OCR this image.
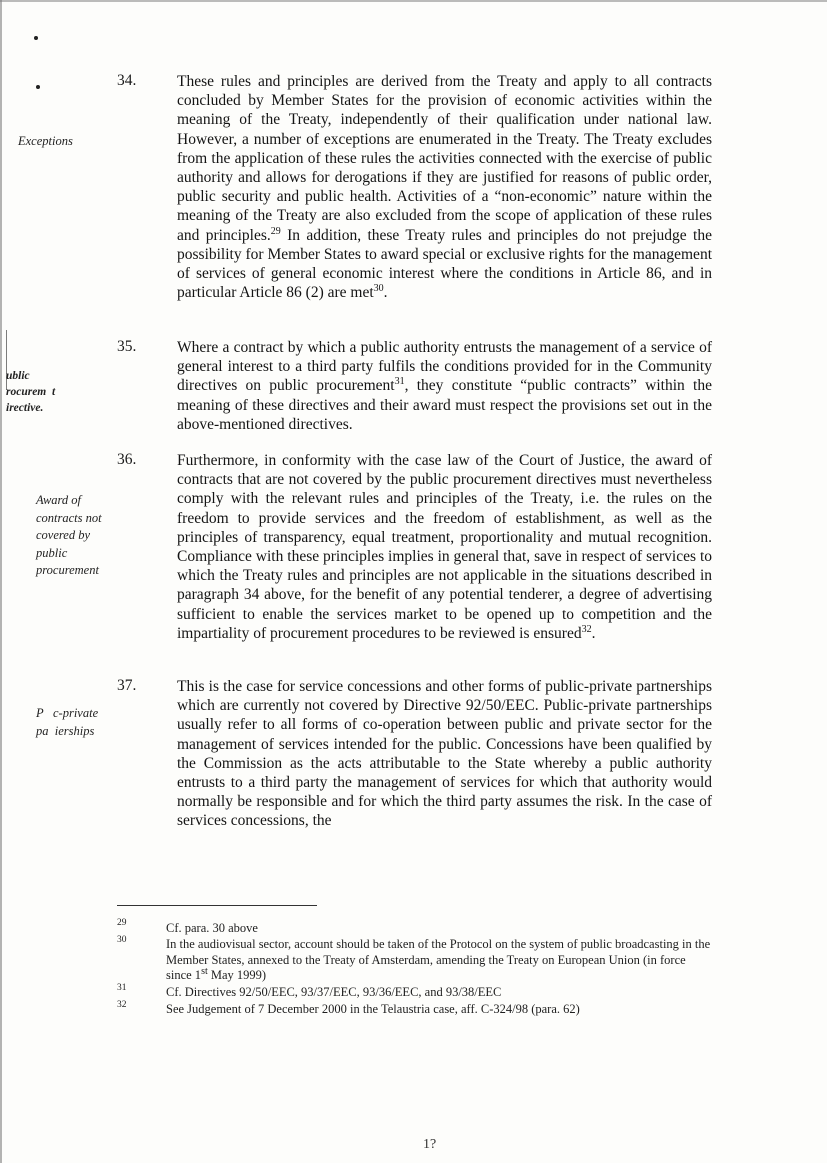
Exceptions
ublic
rocurem  t
irective.
Award of
contracts not
covered by
public
procurement
P   c-private
pa  ierships
34.	These rules and principles are derived from the Treaty and apply to all contracts concluded by Member States for the provision of economic activities within the meaning of the Treaty, independently of their qualification under national law. However, a number of exceptions are enumerated in the Treaty. The Treaty excludes from the application of these rules the activities connected with the exercise of public authority and allows for derogations if they are justified for reasons of public order, public security and public health. Activities of a “non-economic” nature within the meaning of the Treaty are also excluded from the scope of application of these rules and principles.$^{29}$ In addition, these Treaty rules and principles do not prejudge the possibility for Member States to award special or exclusive rights for the management of services of general economic interest where the conditions in Article 86, and in particular Article 86 (2) are met$^{30}$.
35.	Where a contract by which a public authority entrusts the management of a service of general interest to a third party fulfils the conditions provided for in the Community directives on public procurement$^{31}$, they constitute “public contracts” within the meaning of these directives and their award must respect the provisions set out in the above-mentioned directives.
36.	Furthermore, in conformity with the case law of the Court of Justice, the award of contracts that are not covered by the public procurement directives must nevertheless comply with the relevant rules and principles of the Treaty, i.e. the rules on the freedom to provide services and the freedom of establishment, as well as the principles of transparency, equal treatment, proportionality and mutual recognition. Compliance with these principles implies in general that, save in respect of services to which the Treaty rules and principles are not applicable in the situations described in paragraph 34 above, for the benefit of any potential tenderer, a degree of advertising sufficient to enable the services market to be opened up to competition and the impartiality of procurement procedures to be reviewed is ensured$^{32}$.
37.	This is the case for service concessions and other forms of public-private partnerships which are currently not covered by Directive 92/50/EEC. Public-private partnerships usually refer to all forms of co-operation between public and private sector for the management of services intended for the public. Concessions have been qualified by the Commission as the acts attributable to the State whereby a public authority entrusts to a third party the management of services for which that authority would normally be responsible and for which the third party assumes the risk. In the case of services concessions, the
29	Cf. para. 30 above
30	In the audiovisual sector, account should be taken of the Protocol on the system of public broadcasting in the Member States, annexed to the Treaty of Amsterdam, amending the Treaty on European Union (in force since 1st May 1999)
31	Cf. Directives 92/50/EEC, 93/37/EEC, 93/36/EEC, and 93/38/EEC
32	See Judgement of 7 December 2000 in the Telaustria case, aff. C-324/98 (para. 62)
1?
